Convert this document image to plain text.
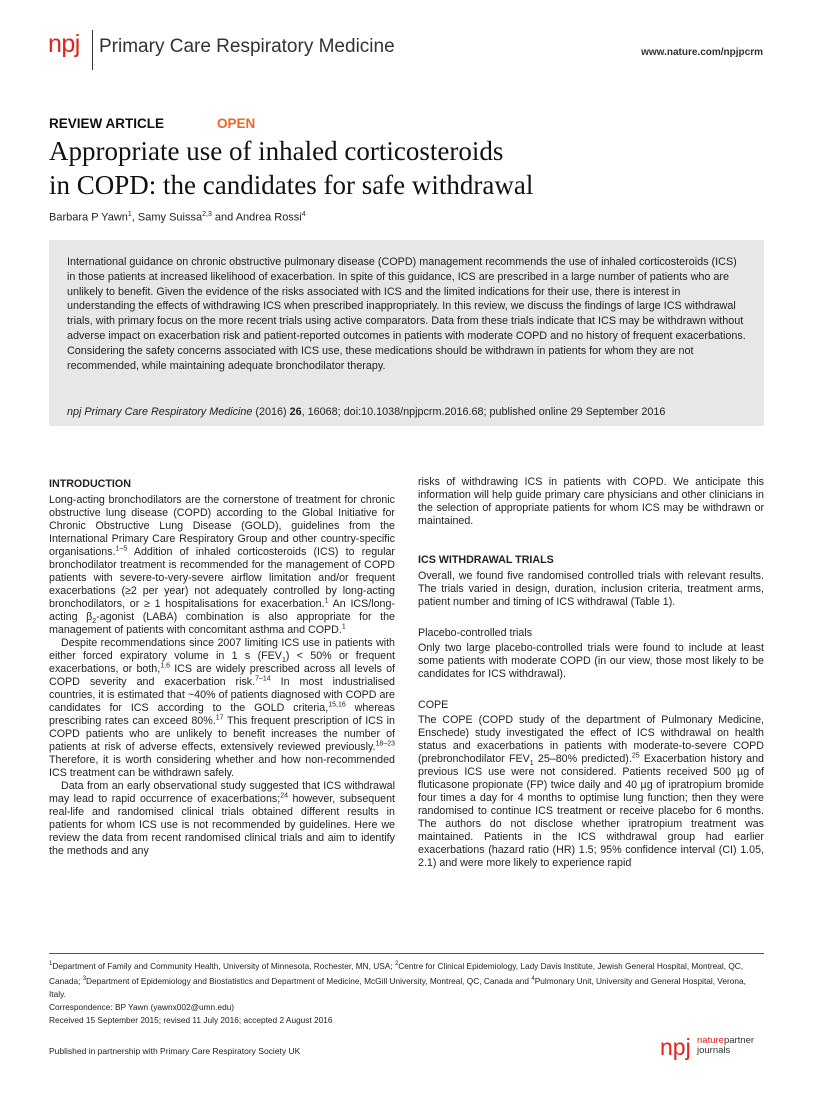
npj Primary Care Respiratory Medicine	www.nature.com/npjpcrm
REVIEW ARTICLE	OPEN
Appropriate use of inhaled corticosteroids
in COPD: the candidates for safe withdrawal
Barbara P Yawn$^1$, Samy Suissa$^{2,3}$ and Andrea Rossi$^4$

International guidance on chronic obstructive pulmonary disease (COPD) management recommends the use of inhaled corticosteroids (ICS) in those patients at increased likelihood of exacerbation. In spite of this guidance, ICS are prescribed in a large number of patients who are unlikely to benefit. Given the evidence of the risks associated with ICS and the limited indications for their use, there is interest in understanding the effects of withdrawing ICS when prescribed inappropriately. In this review, we discuss the findings of large ICS withdrawal trials, with primary focus on the more recent trials using active comparators. Data from these trials indicate that ICS may be withdrawn without adverse impact on exacerbation risk and patient-reported outcomes in patients with moderate COPD and no history of frequent exacerbations. Considering the safety concerns associated with ICS use, these medications should be withdrawn in patients for whom they are not recommended, while maintaining adequate bronchodilator therapy.

npj Primary Care Respiratory Medicine (2016) 26, 16068; doi:10.1038/npjpcrm.2016.68; published online 29 September 2016
INTRODUCTION

Long-acting bronchodilators are the cornerstone of treatment for chronic obstructive lung disease (COPD) according to the Global Initiative for Chronic Obstructive Lung Disease (GOLD), guidelines from the International Primary Care Respiratory Group and other country-specific organisations.$^{1-5}$ Addition of inhaled corticosteroids (ICS) to regular bronchodilator treatment is recommended for the management of COPD patients with severe-to-very-severe airflow limitation and/or frequent exacerbations (≥2 per year) not adequately controlled by long-acting bronchodilators, or ≥ 1 hospitalisations for exacerbation.$^1$ An ICS/long-acting $\beta_2$-agonist (LABA) combination is also appropriate for the management of patients with concomitant asthma and COPD.$^1$

Despite recommendations since 2007 limiting ICS use in patients with either forced expiratory volume in 1 s $(FEV_1) < 50\%$ or frequent exacerbations, or both,$^{1,6}$ ICS are widely prescribed across all levels of COPD severity and exacerbation risk.$^{7-14}$ In most industrialised countries, it is estimated that ~40% of patients diagnosed with COPD are candidates for ICS according to the GOLD criteria,$^{15,16}$ whereas prescribing rates can exceed 80%.$^{17}$ This frequent prescription of ICS in COPD patients who are unlikely to benefit increases the number of patients at risk of adverse effects, extensively reviewed previously.$^{18-23}$ Therefore, it is worth considering whether and how non-recommended ICS treatment can be withdrawn safely.

Data from an early observational study suggested that ICS withdrawal may lead to rapid occurrence of exacerbations;$^{24}$ however, subsequent real-life and randomised clinical trials obtained different results in patients for whom ICS use is not recommended by guidelines. Here we review the data from recent randomised clinical trials and aim to identify the methods and any

risks of withdrawing ICS in patients with COPD. We anticipate this information will help guide primary care physicians and other clinicians in the selection of appropriate patients for whom ICS may be withdrawn or maintained.

ICS WITHDRAWAL TRIALS

Overall, we found five randomised controlled trials with relevant results. The trials varied in design, duration, inclusion criteria, treatment arms, patient number and timing of ICS withdrawal (Table 1).

Placebo-controlled trials

Only two large placebo-controlled trials were found to include at least some patients with moderate COPD (in our view, those most likely to be candidates for ICS withdrawal).

COPE

The COPE (COPD study of the department of Pulmonary Medicine, Enschede) study investigated the effect of ICS withdrawal on health status and exacerbations in patients with moderate-to-severe COPD (prebronchodilator $FEV_1$ 25–80% predicted).$^{25}$ Exacerbation history and previous ICS use were not considered. Patients received 500 µg of fluticasone propionate (FP) twice daily and 40 µg of ipratropium bromide four times a day for 4 months to optimise lung function; then they were randomised to continue ICS treatment or receive placebo for 6 months. The authors do not disclose whether ipratropium treatment was maintained. Patients in the ICS withdrawal group had earlier exacerbations (hazard ratio (HR) 1.5; 95% confidence interval (CI) 1.05, 2.1) and were more likely to experience rapid

$^1$Department of Family and Community Health, University of Minnesota, Rochester, MN, USA; $^2$Centre for Clinical Epidemiology, Lady Davis Institute, Jewish General Hospital, Montreal, QC, Canada; $^3$Department of Epidemiology and Biostatistics and Department of Medicine, McGill University, Montreal, QC, Canada and $^4$Pulmonary Unit, University and General Hospital, Verona, Italy.

Correspondence: BP Yawn (yawnx002@umn.edu)

Received 15 September 2015; revised 11 July 2016; accepted 2 August 2016

Published in partnership with Primary Care Respiratory Society UK	npj naturepartner
journals
